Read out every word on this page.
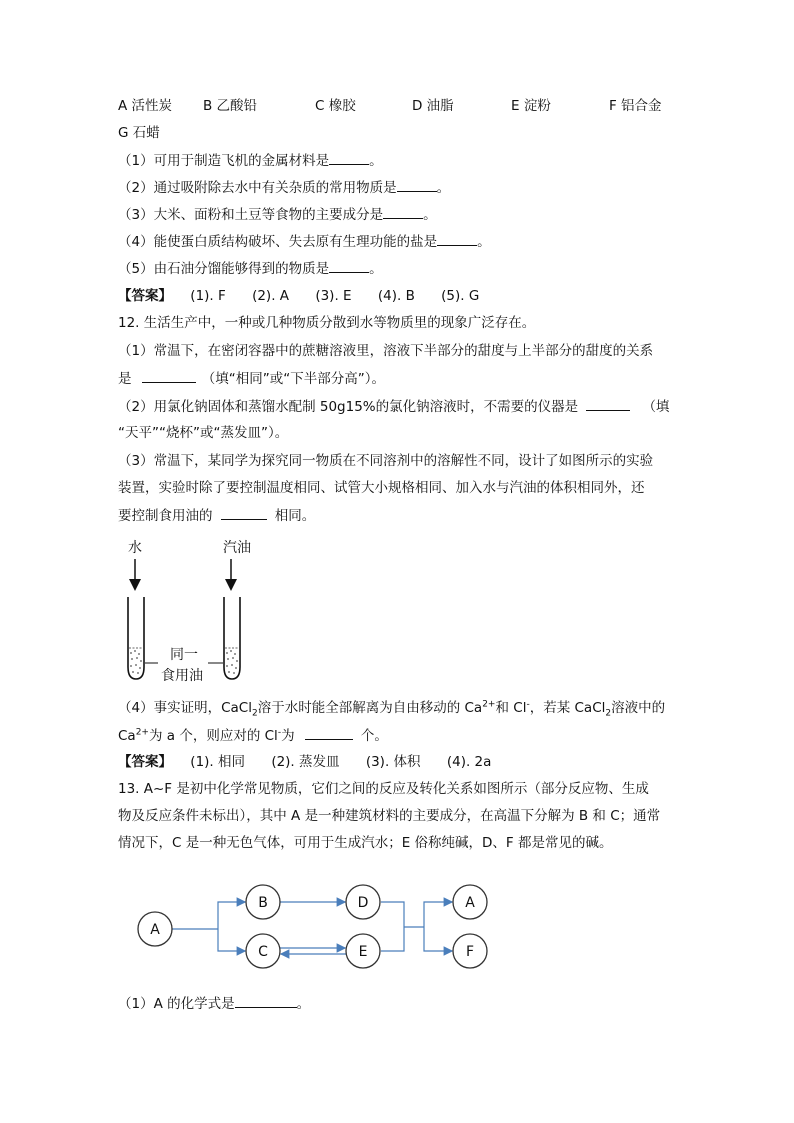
A 活性炭 B 乙酸铅	C 橡胶	D 油脂	E 淀粉	F 铝合金
G 石蜡
（1）可用于制造飞机的金属材料是	。
（2）通过吸附除去水中有关杂质的常用物质是	。
（3）大米、面粉和土豆等食物的主要成分是	。
（4）能使蛋白质结构破坏、失去原有生理功能的盐是	。
（5）由石油分馏能够得到的物质是	。
【答案】 (1). F (2). A (3). E (4). B (5). G
12. 生活生产中，一种或几种物质分散到水等物质里的现象广泛存在。
（1）常温下，在密闭容器中的蔗糖溶液里，溶液下半部分的甜度与上半部分的甜度的关系
是	（填“相同”或“下半部分高”）。
（2）用氯化钠固体和蒸馏水配制 50g15%的氯化钠溶液时，不需要的仪器是	（填
“天平”“烧杯”或“蒸发皿”）。
（3）常温下，某同学为探究同一物质在不同溶剂中的溶解性不同，设计了如图所示的实验
装置，实验时除了要控制温度相同、试管大小规格相同、加入水与汽油的体积相同外，还
要控制食用油的	相同。
水	汽油
同一
食用油
（4）事实证明，CaCl$_2$溶于水时能全部解离为自由移动的 $Ca^{2+}$和 Cl-，若某 CaCl$_2$溶液中的
$Ca^{2+}$为 a 个，则应对的 Cl-为	个。
【答案】 (1). 相同 (2). 蒸发皿 (3). 体积 (4). 2a
13. A~F 是初中化学常见物质，它们之间的反应及转化关系如图所示（部分反应物、生成
物及反应条件未标出），其中 A 是一种建筑材料的主要成分，在高温下分解为 B 和 C；通常
情况下，C 是一种无色气体，可用于生成汽水；E 俗称纯碱，D、F 都是常见的碱。
A
B
C
D
E
A
F
（1）A 的化学式是	。
